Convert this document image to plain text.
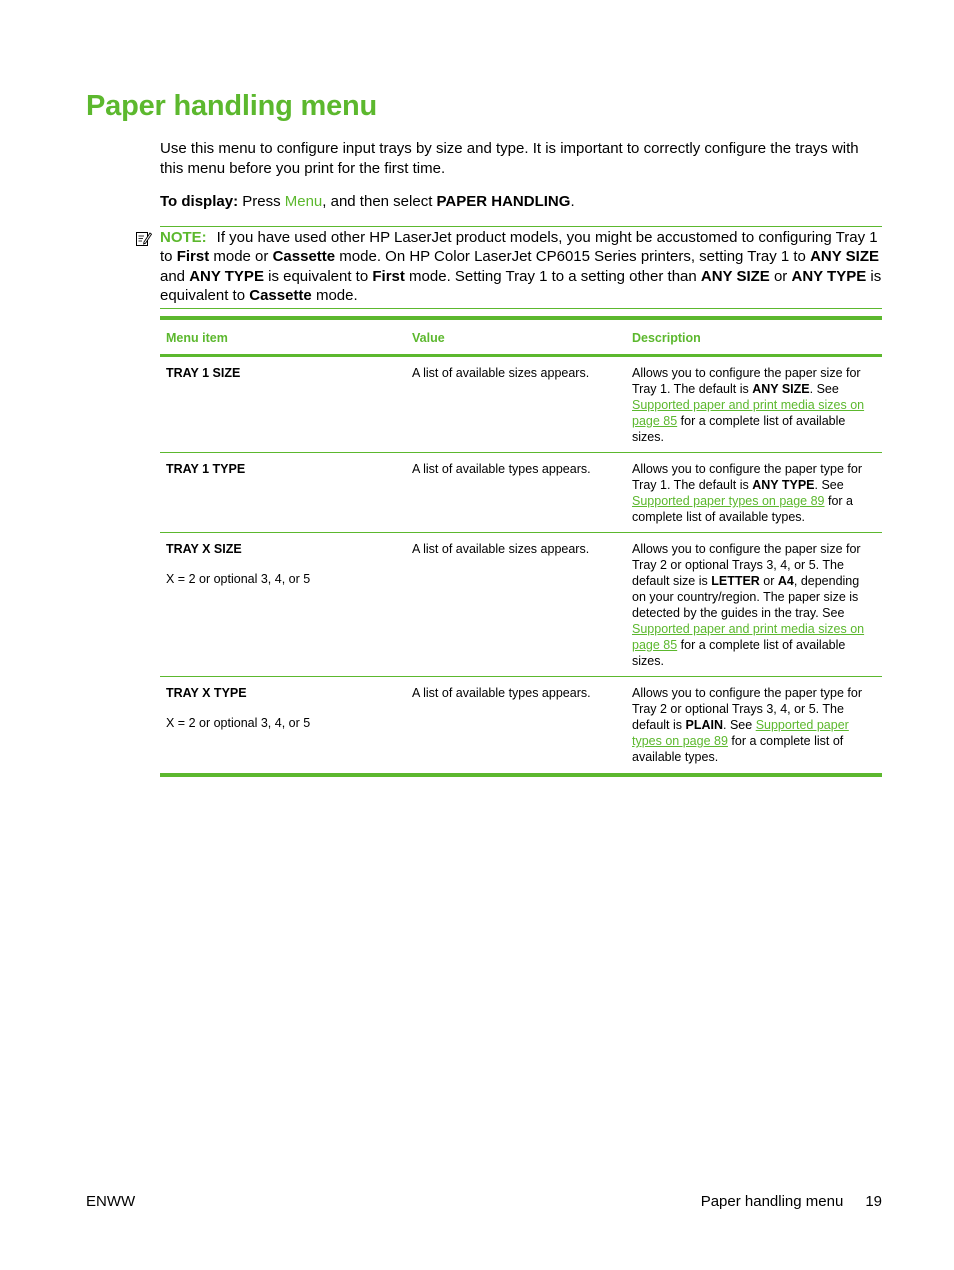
Paper handling menu

Use this menu to configure input trays by size and type. It is important to correctly configure the trays with this menu before you print for the first time.

To display: Press Menu, and then select PAPER HANDLING.

NOTE: If you have used other HP LaserJet product models, you might be accustomed to configuring Tray 1 to First mode or Cassette mode. On HP Color LaserJet CP6015 Series printers, setting Tray 1 to ANY SIZE and ANY TYPE is equivalent to First mode. Setting Tray 1 to a setting other than ANY SIZE or ANY TYPE is equivalent to Cassette mode.
Menu item	Value	Description

TRAY 1 SIZE	A list of available sizes appears.	Allows you to configure the paper size for Tray 1. The default is ANY SIZE. See Supported paper and print media sizes on page 85 for a complete list of available sizes.

TRAY 1 TYPE	A list of available types appears.	Allows you to configure the paper type for Tray 1. The default is ANY TYPE. See Supported paper types on page 89 for a complete list of available types.

TRAY X SIZE
X = 2 or optional 3, 4, or 5	A list of available sizes appears.	Allows you to configure the paper size for Tray 2 or optional Trays 3, 4, or 5. The default size is LETTER or A4, depending on your country/region. The paper size is detected by the guides in the tray. See Supported paper and print media sizes on page 85 for a complete list of available sizes.

TRAY X TYPE
X = 2 or optional 3, 4, or 5	A list of available types appears.	Allows you to configure the paper type for Tray 2 or optional Trays 3, 4, or 5. The default is PLAIN. See Supported paper types on page 89 for a complete list of available types.
ENWW	Paper handling menu 19
